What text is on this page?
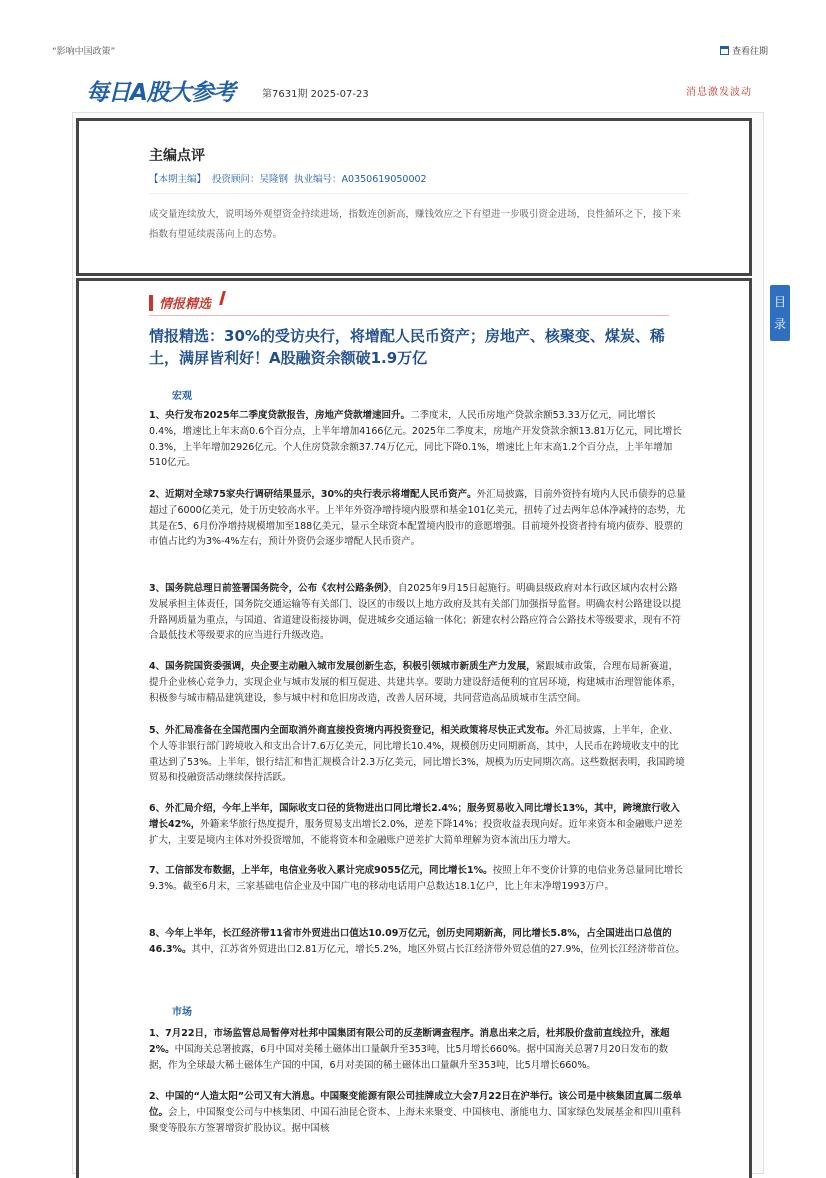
“影响中国政策”	查看往期
每日A股大参考	第7631期 2025-07-23	消息激发波动
主编点评
【本期主编】 投资顾问：吴隆钢 执业编号：A0350619050002
成交量连续放大，说明场外观望资金持续进场，指数连创新高，赚钱效应之下有望进一步吸引资金进场，良性循环之下，接下来指数有望延续震荡向上的态势。
目录
情报精选
情报精选：30%的受访央行，将增配人民币资产；房地产、核聚变、煤炭、稀土，满屏皆利好！A股融资余额破1.9万亿
宏观
1、央行发布2025年二季度贷款报告，房地产贷款增速回升。二季度末，人民币房地产贷款余额53.33万亿元，同比增长0.4%，增速比上年末高0.6个百分点，上半年增加4166亿元。2025年二季度末，房地产开发贷款余额13.81万亿元，同比增长0.3%，上半年增加2926亿元。个人住房贷款余额37.74万亿元，同比下降0.1%，增速比上年末高1.2个百分点，上半年增加510亿元。
2、近期对全球75家央行调研结果显示，30%的央行表示将增配人民币资产。外汇局披露，目前外资持有境内人民币债券的总量超过了6000亿美元，处于历史较高水平。上半年外资净增持境内股票和基金101亿美元，扭转了过去两年总体净减持的态势，尤其是在5、6月份净增持规模增加至188亿美元，显示全球资本配置境内股市的意愿增强。目前境外投资者持有境内债券、股票的市值占比约为3%-4%左右，预计外资仍会逐步增配人民币资产。
3、国务院总理日前签署国务院令，公布《农村公路条例》，自2025年9月15日起施行。明确县级政府对本行政区域内农村公路发展承担主体责任，国务院交通运输等有关部门、设区的市级以上地方政府及其有关部门加强指导监督。明确农村公路建设以提升路网质量为重点，与国道、省道建设衔接协调，促进城乡交通运输一体化；新建农村公路应符合公路技术等级要求，现有不符合最低技术等级要求的应当进行升级改造。
4、国务院国资委强调，央企要主动融入城市发展创新生态，积极引领城市新质生产力发展，紧跟城市政策，合理布局新赛道，提升企业核心竞争力，实现企业与城市发展的相互促进、共建共享。要助力建设舒适便利的宜居环境，构建城市治理智能体系，积极参与城市精品建筑建设，参与城中村和危旧房改造，改善人居环境，共同营造高品质城市生活空间。
5、外汇局准备在全国范围内全面取消外商直接投资境内再投资登记，相关政策将尽快正式发布。外汇局披露，上半年，企业、个人等非银行部门跨境收入和支出合计7.6万亿美元，同比增长10.4%，规模创历史同期新高，其中，人民币在跨境收支中的比重达到了53%。上半年，银行结汇和售汇规模合计2.3万亿美元，同比增长3%，规模为历史同期次高。这些数据表明，我国跨境贸易和投融资活动继续保持活跃。
6、外汇局介绍，今年上半年，国际收支口径的货物进出口同比增长2.4%；服务贸易收入同比增长13%，其中，跨境旅行收入增长42%，外籍来华旅行热度提升，服务贸易支出增长2.0%，逆差下降14%；投资收益表现向好。近年来资本和金融账户逆差扩大，主要是境内主体对外投资增加，不能将资本和金融账户逆差扩大简单理解为资本流出压力增大。
7、工信部发布数据，上半年，电信业务收入累计完成9055亿元，同比增长1%。按照上年不变价计算的电信业务总量同比增长9.3%。截至6月末，三家基础电信企业及中国广电的移动电话用户总数达18.1亿户，比上年末净增1993万户。
8、今年上半年，长江经济带11省市外贸进出口值达10.09万亿元，创历史同期新高，同比增长5.8%，占全国进出口总值的46.3%。其中，江苏省外贸进出口2.81万亿元，增长5.2%，地区外贸占长江经济带外贸总值的27.9%，位列长江经济带首位。
市场
1、7月22日，市场监管总局暂停对杜邦中国集团有限公司的反垄断调查程序。消息出来之后，杜邦股价盘前直线拉升，涨超2%。中国海关总署披露，6月中国对美稀土磁体出口量飙升至353吨，比5月增长660%。据中国海关总署7月20日发布的数据，作为全球最大稀土磁体生产国的中国，6月对美国的稀土磁体出口量飙升至353吨，比5月增长660%。
2、中国的“人造太阳”公司又有大消息。中国聚变能源有限公司挂牌成立大会7月22日在沪举行。该公司是中核集团直属二级单位。会上，中国聚变公司与中核集团、中国石油昆仑资本、上海未来聚变、中国核电、浙能电力、国家绿色发展基金和四川重科聚变等股东方签署增资扩股协议。据中国核
